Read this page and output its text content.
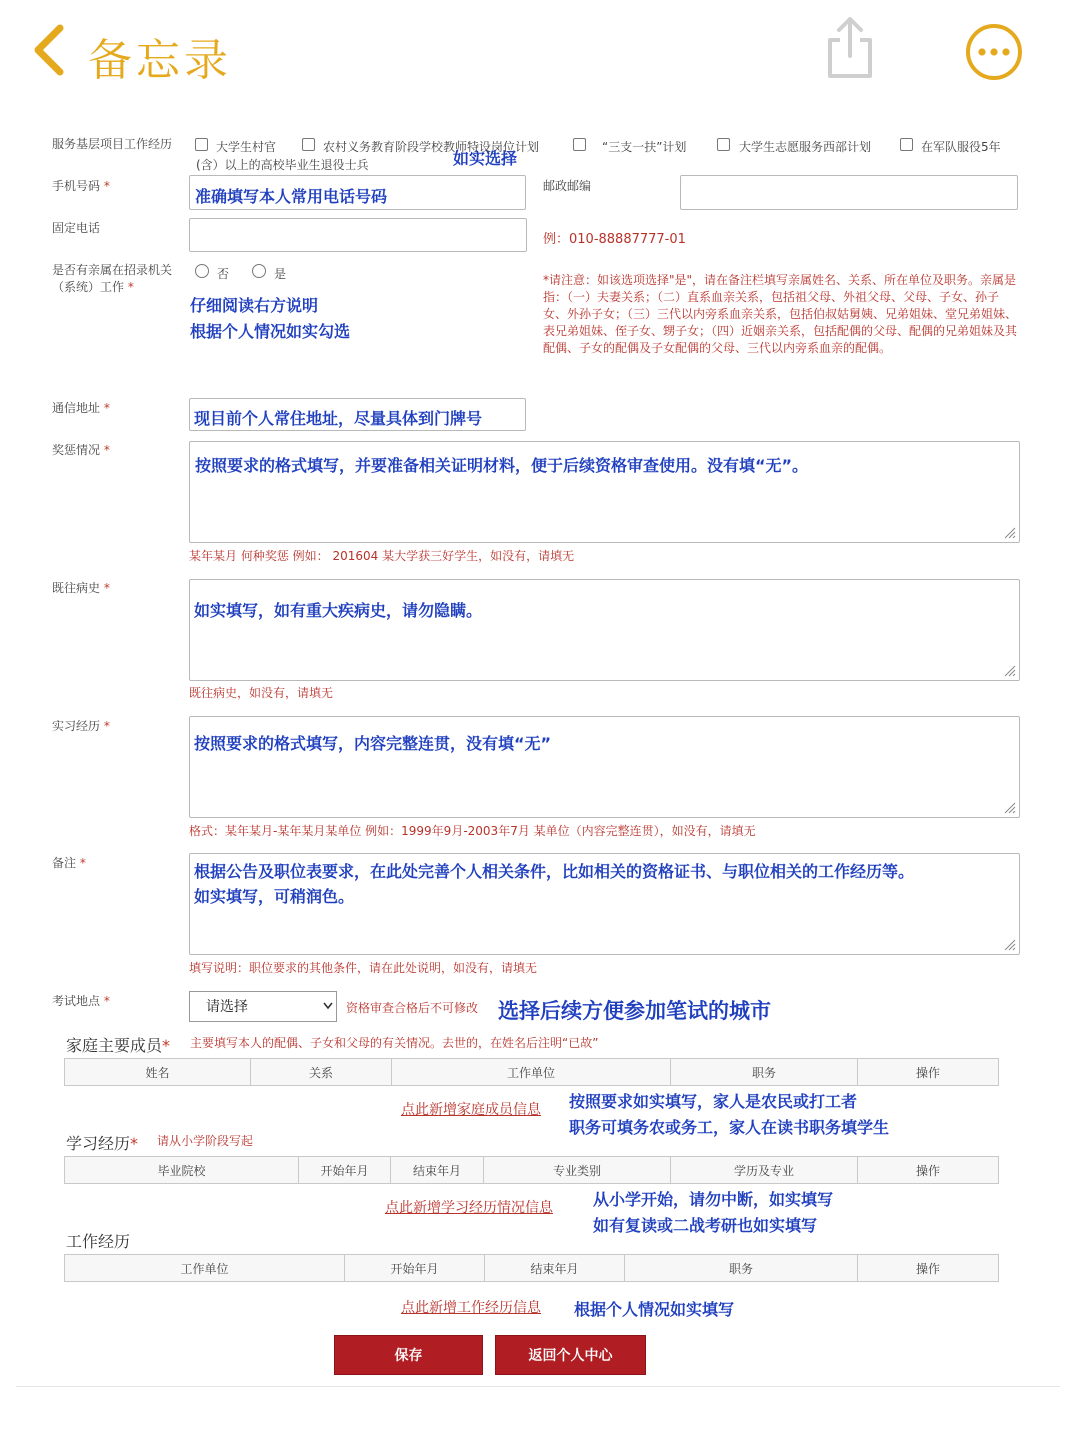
备忘录
服务基层项目工作经历	大学生村官	农村义务教育阶段学校教师特设岗位计划	“三支一扶”计划	大学生志愿服务西部计划	在军队服役5年
(含）以上的高校毕业生退役士兵	如实选择
手机号码 *
准确填写本人常用电话号码
邮政邮编
固定电话
例：010-88887777-01
是否有亲属在招录机关
（系统）工作 *
否	是
仔细阅读右方说明
根据个人情况如实勾选
*请注意：如该选项选择"是"，请在备注栏填写亲属姓名、关系、所在单位及职务。亲属是指：（一）夫妻关系；（二）直系血亲关系，包括祖父母、外祖父母、父母、子女、孙子女、外孙子女；（三）三代以内旁系血亲关系，包括伯叔姑舅姨、兄弟姐妹、堂兄弟姐妹、表兄弟姐妹、侄子女、甥子女；（四）近姻亲关系，包括配偶的父母、配偶的兄弟姐妹及其配偶、子女的配偶及子女配偶的父母、三代以内旁系血亲的配偶。
通信地址 *
现目前个人常住地址，尽量具体到门牌号
奖惩情况 *
按照要求的格式填写，并要准备相关证明材料，便于后续资格审查使用。没有填“无”。
某年某月 何种奖惩 例如： 201604 某大学获三好学生，如没有，请填无
既往病史 *
如实填写，如有重大疾病史，请勿隐瞒。
既往病史，如没有，请填无
实习经历 *
按照要求的格式填写，内容完整连贯，没有填“无”
格式：某年某月-某年某月某单位 例如：1999年9月-2003年7月 某单位（内容完整连贯），如没有，请填无
备注 *	根据公告及职位表要求，在此处完善个人相关条件，比如相关的资格证书、与职位相关的工作经历等。
如实填写，可稍润色。
填写说明：职位要求的其他条件，请在此处说明，如没有，请填无
考试地点 *
请选择	资格审查合格后不可修改 选择后续方便参加笔试的城市
家庭主要成员* 主要填写本人的配偶、子女和父母的有关情况。去世的，在姓名后注明“已故”
姓名	关系	工作单位	职务	操作
点此新增家庭成员信息 按照要求如实填写，家人是农民或打工者
职务可填务农或务工，家人在读书职务填学生
学习经历* 请从小学阶段写起
毕业院校	开始年月	结束年月	专业类别	学历及专业	操作
点此新增学习经历情况信息	从小学开始，请勿中断，如实填写
如有复读或二战考研也如实填写
工作经历
工作单位	开始年月	结束年月	职务	操作
点此新增工作经历信息 根据个人情况如实填写
保存	返回个人中心
